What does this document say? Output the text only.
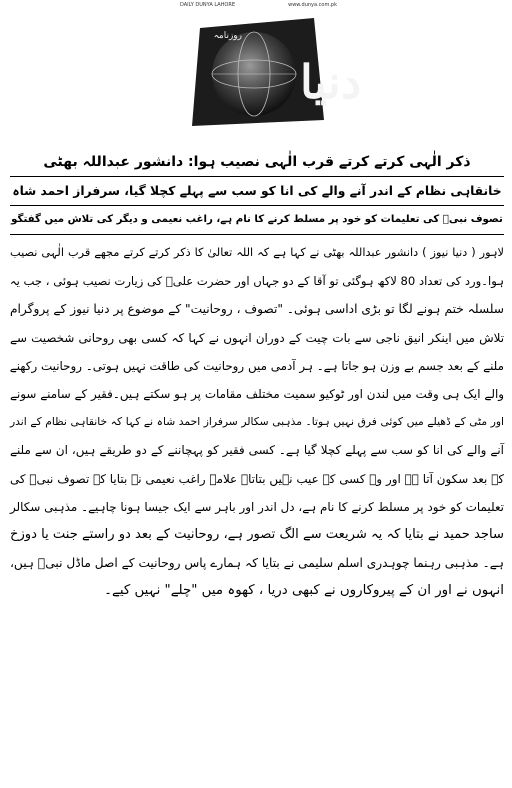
DAILY DUNYA LAHORE	www.dunya.com.pk
روزنامہ
دنیا
ذکر الٰہی کرتے کرتے قرب الٰہی نصیب ہوا: دانشور عبداللہ بھٹی خانقاہی نظام کے اندر آنے والے کی انا کو سب سے پہلے کچلا گیا، سرفراز احمد شاہ تصوف نبیؐ کی تعلیمات کو خود پر مسلط کرنے کا نام ہے، راغب نعیمی و دیگر کی تلاش میں گفتگو
لاہور ( دنیا نیوز ) دانشور عبداللہ بھٹی نے کہا ہے کہ اللہ تعالیٰ کا ذکر کرتے کرتے مجھے قرب الٰہی نصیب
ہوا۔ورد کی تعداد 80 لاکھ ہوگئی تو آقا کے دو جہاں اور حضرت علیؓ کی زیارت نصیب ہوئی ، جب یہ
سلسلہ ختم ہونے لگا تو بڑی اداسی ہوئی۔ "تصوف ، روحانیت" کے موضوع پر دنیا نیوز کے پروگرام
تلاش میں اینکر انیق ناجی سے بات چیت کے دوران انہوں نے کہا کہ کسی بھی روحانی شخصیت سے
ملنے کے بعد جسم بے وزن ہو جاتا ہے۔ ہر آدمی میں روحانیت کی طاقت نہیں ہوتی۔ روحانیت رکھنے
والے ایک ہی وقت میں لندن اور ٹوکیو سمیت مختلف مقامات پر ہو سکتے ہیں۔فقیر کے سامنے سونے
اور مٹی کے ڈھیلے میں کوئی فرق نہیں ہوتا۔ مذہبی سکالر سرفراز احمد شاہ نے کہا کہ خانقاہی نظام کے اندر
آنے والے کی انا کو سب سے پہلے کچلا گیا ہے۔ کسی فقیر کو پہچاننے کے دو طریقے ہیں، ان سے ملنے
کے بعد سکون آتا ہے اور وہ کسی کے عیب نہیں بتاتا۔ علامہ راغب نعیمی نے بتایا کہ تصوف نبیؐ کی
تعلیمات کو خود پر مسلط کرنے کا نام ہے، دل اندر اور باہر سے ایک جیسا ہونا چاہیے۔ مذہبی سکالر
ساجد حمید نے بتایا کہ یہ شریعت سے الگ تصور ہے، روحانیت کے بعد دو راستے جنت یا دوزخ
ہے۔ مذہبی رہنما چوہدری اسلم سلیمی نے بتایا کہ ہمارے پاس روحانیت کے اصل ماڈل نبیؐ ہیں،
انہوں نے اور ان کے پیروکاروں نے کبھی دریا ، کھوہ میں "چلے" نہیں کیے۔
